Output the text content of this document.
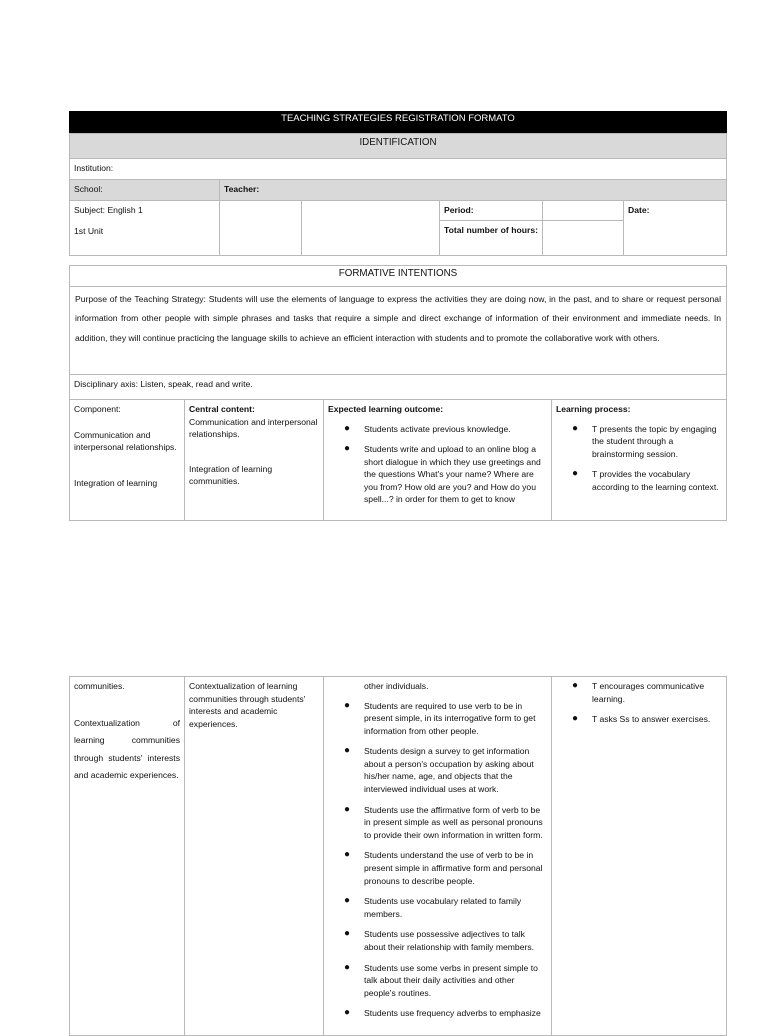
TEACHING STRATEGIES REGISTRATION FORMATO
IDENTIFICATION
Institution:
School:	Teacher:
Subject: English 1
1st Unit
Period:
Total number of hours:
Date:
FORMATIVE INTENTIONS
Purpose of the Teaching Strategy: Students will use the elements of language to express the activities they are doing now, in the past, and to share or request personal information from other people with simple phrases and tasks that require a simple and direct exchange of information of their environment and immediate needs. In addition, they will continue practicing the language skills to achieve an efficient interaction with students and to promote the collaborative work with others.
Disciplinary axis: Listen, speak, read and write.
Component:
Communication and interpersonal relationships.
Integration of learning
Central content:
Communication and interpersonal relationships.
Integration of learning communities.
Expected learning outcome:
● Students activate previous knowledge.
● Students write and upload to an online blog a short dialogue in which they use greetings and the questions What's your name? Where are you from? How old are you? and How do you spell...? in order for them to get to know
Learning process:
● T presents the topic by engaging the student through a brainstorming session.
● T provides the vocabulary according to the learning context.
communities.
Contextualization of learning communities through students' interests and academic experiences.
Contextualization of learning communities through students' interests and academic experiences.
other individuals.
● Students are required to use verb to be in present simple, in its interrogative form to get information from other people.
● Students design a survey to get information about a person's occupation by asking about his/her name, age, and objects that the interviewed individual uses at work.
● Students use the affirmative form of verb to be in present simple as well as personal pronouns to provide their own information in written form.
● Students understand the use of verb to be in present simple in affirmative form and personal pronouns to describe people.
● Students use vocabulary related to family members.
● Students use possessive adjectives to talk about their relationship with family members.
● Students use some verbs in present simple to talk about their daily activities and other people's routines.
● Students use frequency adverbs to emphasize
● T encourages communicative learning.
● T asks Ss to answer exercises.
